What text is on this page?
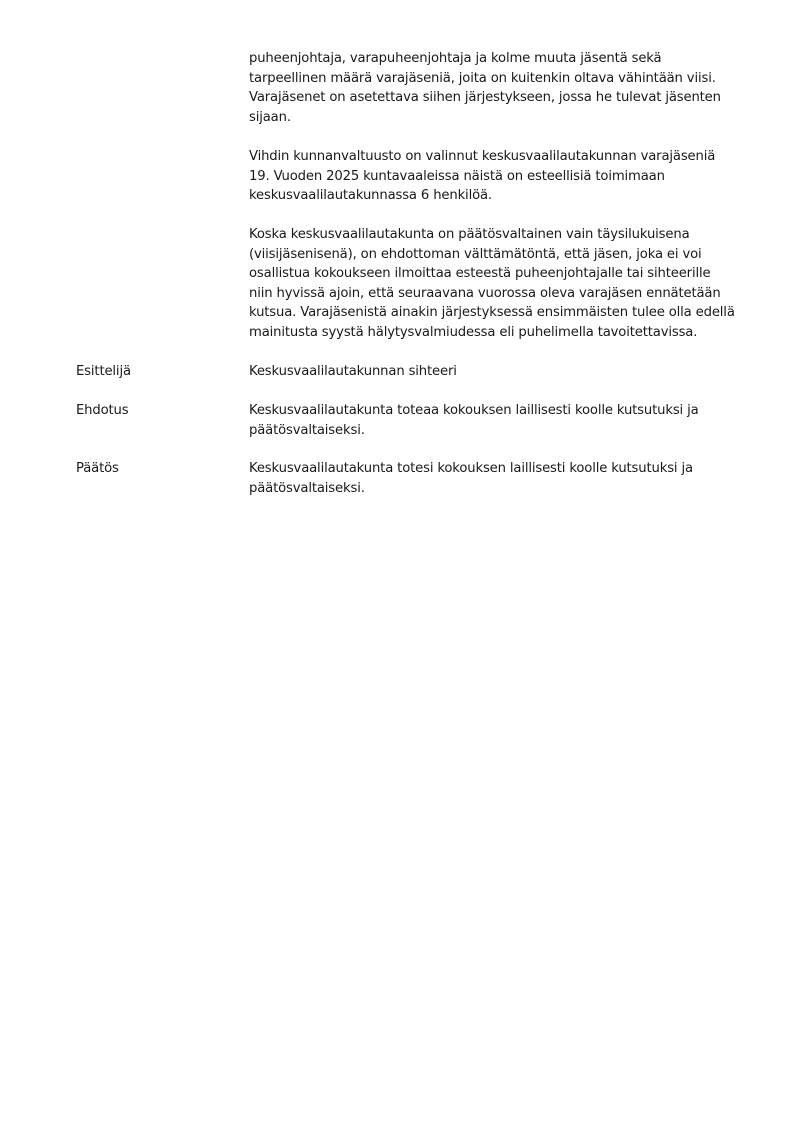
puheenjohtaja, varapuheenjohtaja ja kolme muuta jäsentä sekä
tarpeellinen määrä varajäseniä, joita on kuitenkin oltava vähintään viisi.
Varajäsenet on asetettava siihen järjestykseen, jossa he tulevat jäsenten
sijaan.
Vihdin kunnanvaltuusto on valinnut keskusvaalilautakunnan varajäseniä
19. Vuoden 2025 kuntavaaleissa näistä on esteellisiä toimimaan
keskusvaalilautakunnassa 6 henkilöä.
Koska keskusvaalilautakunta on päätösvaltainen vain täysilukuisena
(viisijäsenisenä), on ehdottoman välttämätöntä, että jäsen, joka ei voi
osallistua kokoukseen ilmoittaa esteestä puheenjohtajalle tai sihteerille
niin hyvissä ajoin, että seuraavana vuorossa oleva varajäsen ennätetään
kutsua. Varajäsenistä ainakin järjestyksessä ensimmäisten tulee olla edellä
mainitusta syystä hälytysvalmiudessa eli puhelimella tavoitettavissa.
Esittelijä	Keskusvaalilautakunnan sihteeri
Ehdotus	Keskusvaalilautakunta toteaa kokouksen laillisesti koolle kutsutuksi ja
päätösvaltaiseksi.
Päätös	Keskusvaalilautakunta totesi kokouksen laillisesti koolle kutsutuksi ja
päätösvaltaiseksi.
